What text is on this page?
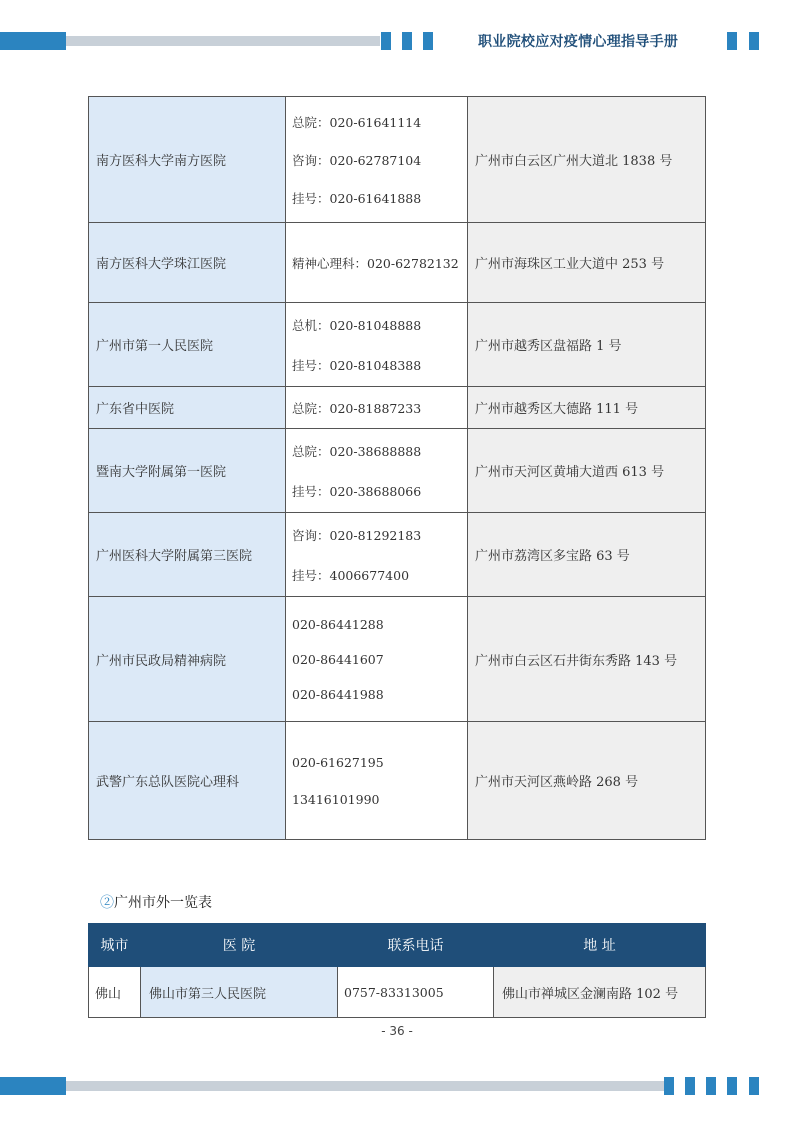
职业院校应对疫情心理指导手册
南方医科大学南方医院	总院：020-61641114
咨询：020-62787104
挂号：020-61641888	广州市白云区广州大道北 1838 号
南方医科大学珠江医院	精神心理科：020-62782132	广州市海珠区工业大道中 253 号
广州市第一人民医院	总机：020-81048888
挂号：020-81048388	广州市越秀区盘福路 1 号
广东省中医院	总院：020-81887233	广州市越秀区大德路 111 号
暨南大学附属第一医院	总院：020-38688888
挂号：020-38688066	广州市天河区黄埔大道西 613 号
广州医科大学附属第三医院	咨询：020-81292183
挂号：4006677400	广州市荔湾区多宝路 63 号
广州市民政局精神病院	020-86441288
020-86441607
020-86441988	广州市白云区石井街东秀路 143 号
武警广东总队医院心理科	020-61627195
13416101990	广州市天河区燕岭路 268 号
②广州市外一览表
城市	医 院	联系电话	地 址
佛山	佛山市第三人民医院	0757-83313005	佛山市禅城区金澜南路 102 号
- 36 -
